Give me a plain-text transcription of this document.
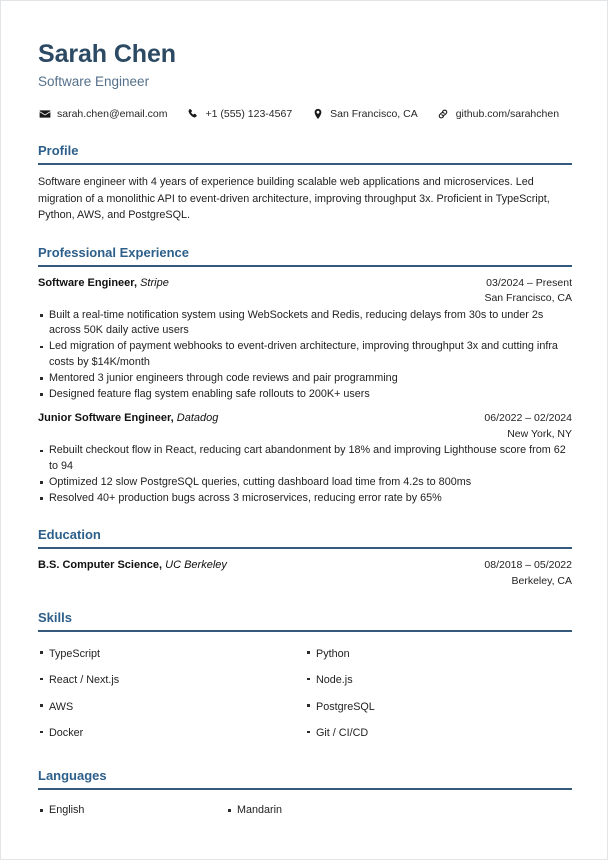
Sarah Chen
Software Engineer
sarah.chen@email.com	+1 (555) 123-4567	San Francisco, CA	github.com/sarahchen
Profile

Software engineer with 4 years of experience building scalable web applications and microservices. Led migration of a monolithic API to event-driven architecture, improving throughput 3x. Proficient in TypeScript, Python, AWS, and PostgreSQL.

Professional Experience
Software Engineer, Stripe	03/2024 – Present
San Francisco, CA
Built a real-time notification system using WebSockets and Redis, reducing delays from 30s to under 2s across 50K daily active users
Led migration of payment webhooks to event-driven architecture, improving throughput 3x and cutting infra costs by $14K/month
Mentored 3 junior engineers through code reviews and pair programming
Designed feature flag system enabling safe rollouts to 200K+ users
Junior Software Engineer, Datadog	06/2022 – 02/2024
New York, NY
Rebuilt checkout flow in React, reducing cart abandonment by 18% and improving Lighthouse score from 62 to 94
Optimized 12 slow PostgreSQL queries, cutting dashboard load time from 4.2s to 800ms
Resolved 40+ production bugs across 3 microservices, reducing error rate by 65%
Education
B.S. Computer Science, UC Berkeley	08/2018 – 05/2022
Berkeley, CA
Skills
TypeScript	Python
React / Next.js	Node.js
AWS	PostgreSQL
Docker	Git / CI/CD
Languages
English	Mandarin
